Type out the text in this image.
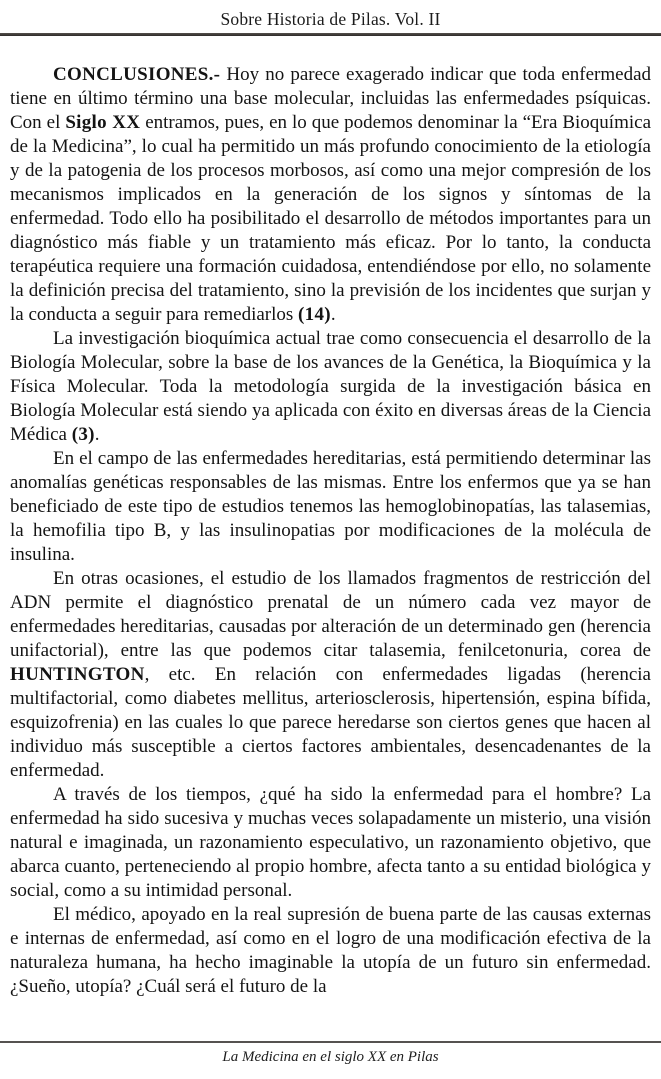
Sobre Historia de Pilas. Vol. II

CONCLUSIONES.- Hoy no parece exagerado indicar que toda enfermedad tiene en último término una base molecular, incluidas las enfermedades psíquicas. Con el Siglo XX entramos, pues, en lo que podemos denominar la “Era Bioquímica de la Medicina”, lo cual ha permitido un más profundo conocimiento de la etiología y de la patogenia de los procesos morbosos, así como una mejor compresión de los mecanismos implicados en la generación de los signos y síntomas de la enfermedad. Todo ello ha posibilitado el desarrollo de métodos importantes para un diagnóstico más fiable y un tratamiento más eficaz. Por lo tanto, la conducta terapéutica requiere una formación cuidadosa, entendiéndose por ello, no solamente la definición precisa del tratamiento, sino la previsión de los incidentes que surjan y la conducta a seguir para remediarlos (14).

La investigación bioquímica actual trae como consecuencia el desarrollo de la Biología Molecular, sobre la base de los avances de la Genética, la Bioquímica y la Física Molecular. Toda la metodología surgida de la investigación básica en Biología Molecular está siendo ya aplicada con éxito en diversas áreas de la Ciencia Médica (3).

En el campo de las enfermedades hereditarias, está permitiendo determinar las anomalías genéticas responsables de las mismas. Entre los enfermos que ya se han beneficiado de este tipo de estudios tenemos las hemoglobinopatías, las talasemias, la hemofilia tipo B, y las insulinopatias por modificaciones de la molécula de insulina.

En otras ocasiones, el estudio de los llamados fragmentos de restricción del ADN permite el diagnóstico prenatal de un número cada vez mayor de enfermedades hereditarias, causadas por alteración de un determinado gen (herencia unifactorial), entre las que podemos citar talasemia, fenilcetonuria, corea de HUNTINGTON, etc. En relación con enfermedades ligadas (herencia multifactorial, como diabetes mellitus, arteriosclerosis, hipertensión, espina bífida, esquizofrenia) en las cuales lo que parece heredarse son ciertos genes que hacen al individuo más susceptible a ciertos factores ambientales, desencadenantes de la enfermedad.

A través de los tiempos, ¿qué ha sido la enfermedad para el hombre? La enfermedad ha sido sucesiva y muchas veces solapadamente un misterio, una visión natural e imaginada, un razonamiento especulativo, un razonamiento objetivo, que abarca cuanto, perteneciendo al propio hombre, afecta tanto a su entidad biológica y social, como a su intimidad personal.

El médico, apoyado en la real supresión de buena parte de las causas externas e internas de enfermedad, así como en el logro de una modificación efectiva de la naturaleza humana, ha hecho imaginable la utopía de un futuro sin enfermedad. ¿Sueño, utopía? ¿Cuál será el futuro de la

La Medicina en el siglo XX en Pilas
